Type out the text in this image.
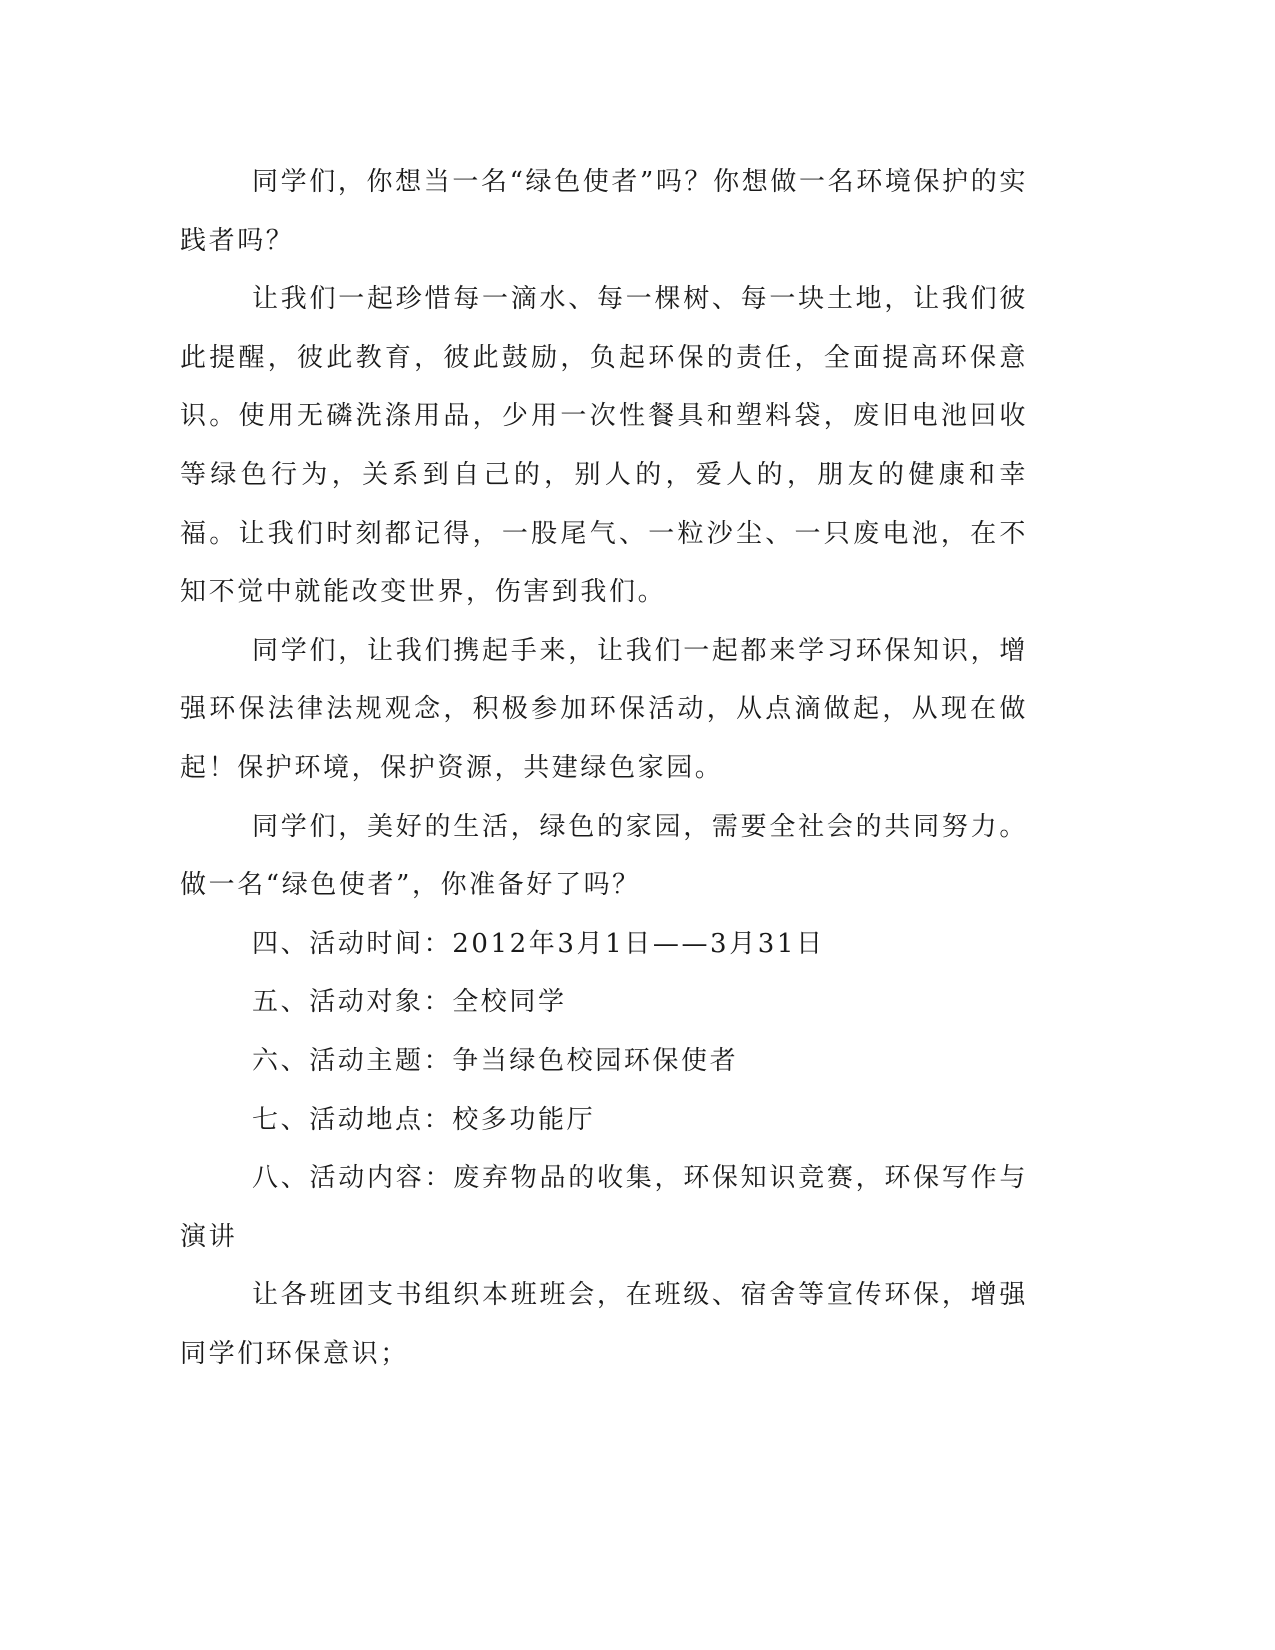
同学们，你想当一名“绿色使者”吗？你想做一名环境保护的实践者吗？

让我们一起珍惜每一滴水、每一棵树、每一块土地，让我们彼此提醒，彼此教育，彼此鼓励，负起环保的责任，全面提高环保意识。使用无磷洗涤用品，少用一次性餐具和塑料袋，废旧电池回收等绿色行为，关系到自己的，别人的，爱人的，朋友的健康和幸福。让我们时刻都记得，一股尾气、一粒沙尘、一只废电池，在不知不觉中就能改变世界，伤害到我们。

同学们，让我们携起手来，让我们一起都来学习环保知识，增强环保法律法规观念，积极参加环保活动，从点滴做起，从现在做起！保护环境，保护资源，共建绿色家园。

同学们，美好的生活，绿色的家园，需要全社会的共同努力。做一名“绿色使者”，你准备好了吗？

四、活动时间：2012年3月1日——3月31日

五、活动对象：全校同学

六、活动主题：争当绿色校园环保使者

七、活动地点：校多功能厅

八、活动内容：废弃物品的收集，环保知识竞赛，环保写作与演讲

让各班团支书组织本班班会，在班级、宿舍等宣传环保，增强同学们环保意识；
